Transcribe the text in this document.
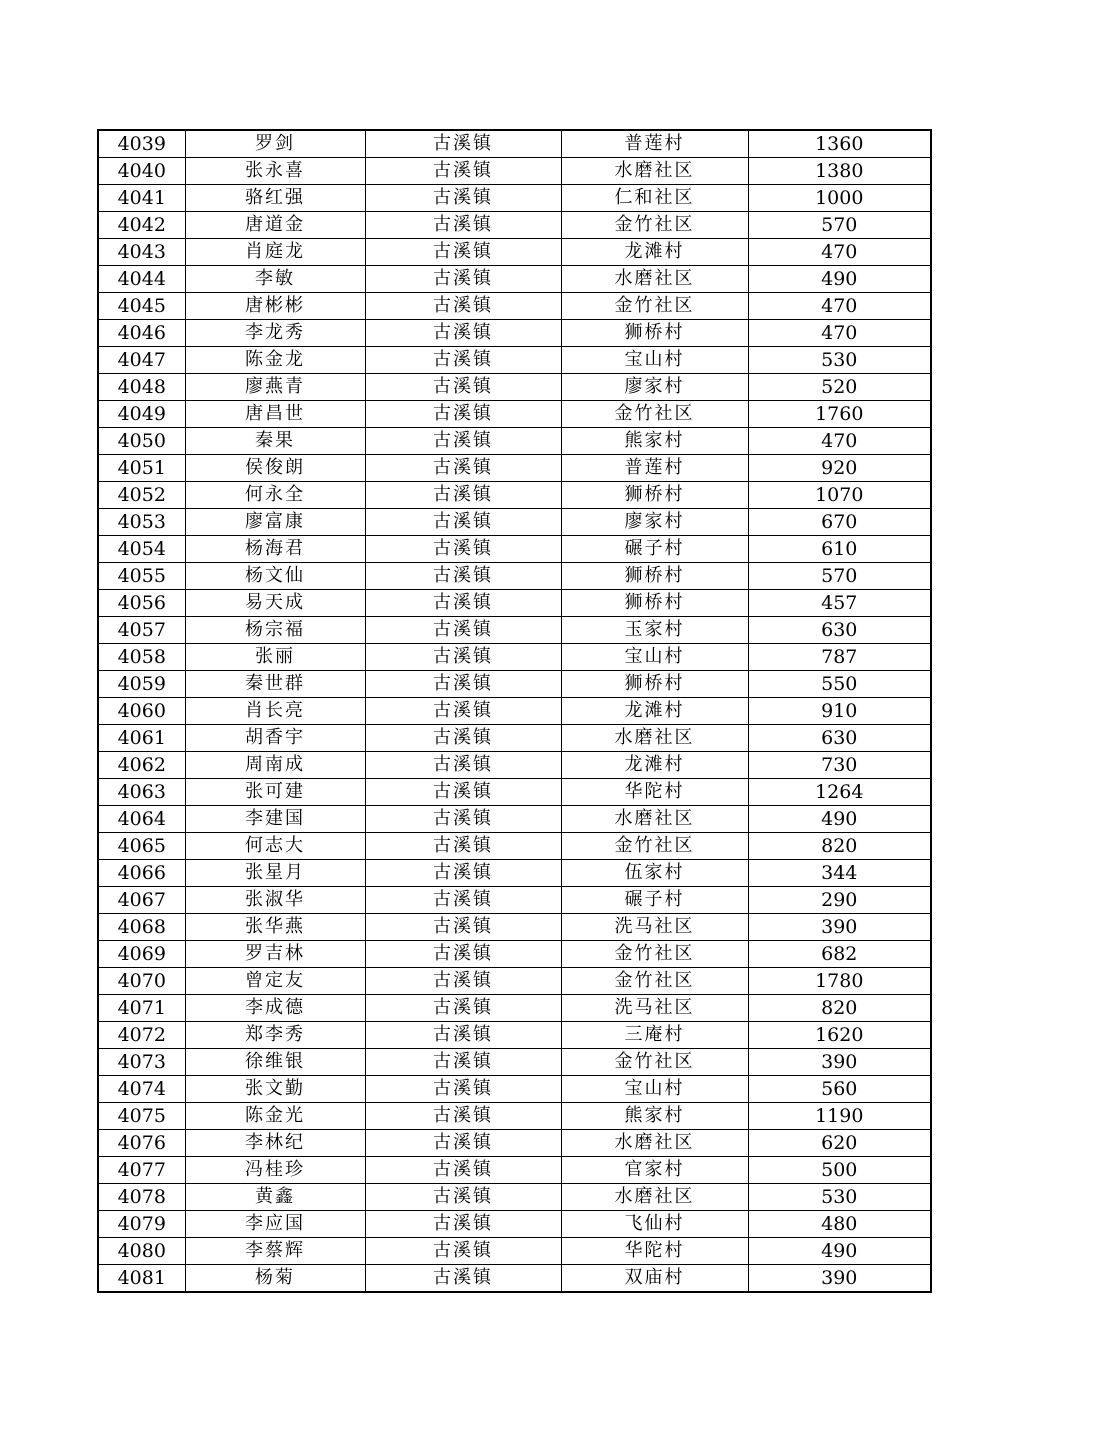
4039	罗剑	古溪镇	普莲村	1360
4040	张永喜	古溪镇	水磨社区	1380
4041	骆红强	古溪镇	仁和社区	1000
4042	唐道金	古溪镇	金竹社区	570
4043	肖庭龙	古溪镇	龙滩村	470
4044	李敏	古溪镇	水磨社区	490
4045	唐彬彬	古溪镇	金竹社区	470
4046	李龙秀	古溪镇	狮桥村	470
4047	陈金龙	古溪镇	宝山村	530
4048	廖燕青	古溪镇	廖家村	520
4049	唐昌世	古溪镇	金竹社区	1760
4050	秦果	古溪镇	熊家村	470
4051	侯俊朗	古溪镇	普莲村	920
4052	何永全	古溪镇	狮桥村	1070
4053	廖富康	古溪镇	廖家村	670
4054	杨海君	古溪镇	碾子村	610
4055	杨文仙	古溪镇	狮桥村	570
4056	易天成	古溪镇	狮桥村	457
4057	杨宗福	古溪镇	玉家村	630
4058	张丽	古溪镇	宝山村	787
4059	秦世群	古溪镇	狮桥村	550
4060	肖长亮	古溪镇	龙滩村	910
4061	胡香宇	古溪镇	水磨社区	630
4062	周南成	古溪镇	龙滩村	730
4063	张可建	古溪镇	华陀村	1264
4064	李建国	古溪镇	水磨社区	490
4065	何志大	古溪镇	金竹社区	820
4066	张星月	古溪镇	伍家村	344
4067	张淑华	古溪镇	碾子村	290
4068	张华燕	古溪镇	洗马社区	390
4069	罗吉林	古溪镇	金竹社区	682
4070	曾定友	古溪镇	金竹社区	1780
4071	李成德	古溪镇	洗马社区	820
4072	郑李秀	古溪镇	三庵村	1620
4073	徐维银	古溪镇	金竹社区	390
4074	张文勤	古溪镇	宝山村	560
4075	陈金光	古溪镇	熊家村	1190
4076	李林纪	古溪镇	水磨社区	620
4077	冯桂珍	古溪镇	官家村	500
4078	黄鑫	古溪镇	水磨社区	530
4079	李应国	古溪镇	飞仙村	480
4080	李蔡辉	古溪镇	华陀村	490
4081	杨菊	古溪镇	双庙村	390
